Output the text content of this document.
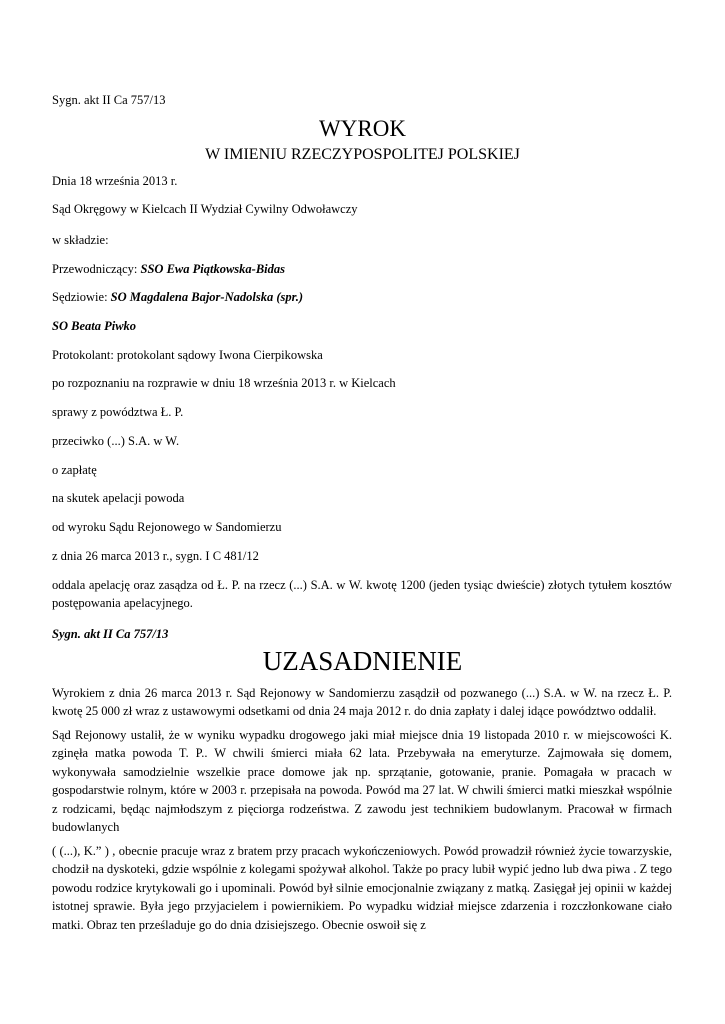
Sygn. akt II Ca 757/13
WYROK
W IMIENIU RZECZYPOSPOLITEJ POLSKIEJ
Dnia 18 września 2013 r.
Sąd Okręgowy w Kielcach II Wydział Cywilny Odwoławczy
w składzie:
Przewodniczący: SSO Ewa Piątkowska-Bidas
Sędziowie: SO Magdalena Bajor-Nadolska (spr.)
SO Beata Piwko
Protokolant: protokolant sądowy Iwona Cierpikowska
po rozpoznaniu na rozprawie w dniu 18 września 2013 r. w Kielcach
sprawy z powództwa Ł. P.
przeciwko (...) S.A. w W.
o zapłatę
na skutek apelacji powoda
od wyroku Sądu Rejonowego w Sandomierzu
z dnia 26 marca 2013 r., sygn. I C 481/12
oddala apelację oraz zasądza od Ł. P. na rzecz (...) S.A. w W. kwotę 1200 (jeden tysiąc dwieście) złotych tytułem kosztów postępowania apelacyjnego.
Sygn. akt II Ca 757/13
UZASADNIENIE
Wyrokiem z dnia 26 marca 2013 r. Sąd Rejonowy w Sandomierzu zasądził od pozwanego (...) S.A. w W. na rzecz Ł. P. kwotę 25 000 zł wraz z ustawowymi odsetkami od dnia 24 maja 2012 r. do dnia zapłaty i dalej idące powództwo oddalił.
Sąd Rejonowy ustalił, że w wyniku wypadku drogowego jaki miał miejsce dnia 19 listopada 2010 r. w miejscowości K. zginęła matka powoda T. P.. W chwili śmierci miała 62 lata. Przebywała na emeryturze. Zajmowała się domem, wykonywała samodzielnie wszelkie prace domowe jak np. sprzątanie, gotowanie, pranie. Pomagała w pracach w gospodarstwie rolnym, które w 2003 r. przepisała na powoda. Powód ma 27 lat. W chwili śmierci matki mieszkał wspólnie z rodzicami, będąc najmłodszym z pięciorga rodzeństwa. Z zawodu jest technikiem budowlanym. Pracował w firmach budowlanych
( (...), K.” ) , obecnie pracuje wraz z bratem przy pracach wykończeniowych. Powód prowadził również życie towarzyskie, chodził na dyskoteki, gdzie wspólnie z kolegami spożywał alkohol. Także po pracy lubił wypić jedno lub dwa piwa . Z tego powodu rodzice krytykowali go i upominali. Powód był silnie emocjonalnie związany z matką. Zasięgał jej opinii w każdej istotnej sprawie. Była jego przyjacielem i powiernikiem. Po wypadku widział miejsce zdarzenia i rozczłonkowane ciało matki. Obraz ten prześladuje go do dnia dzisiejszego. Obecnie oswoił się z
